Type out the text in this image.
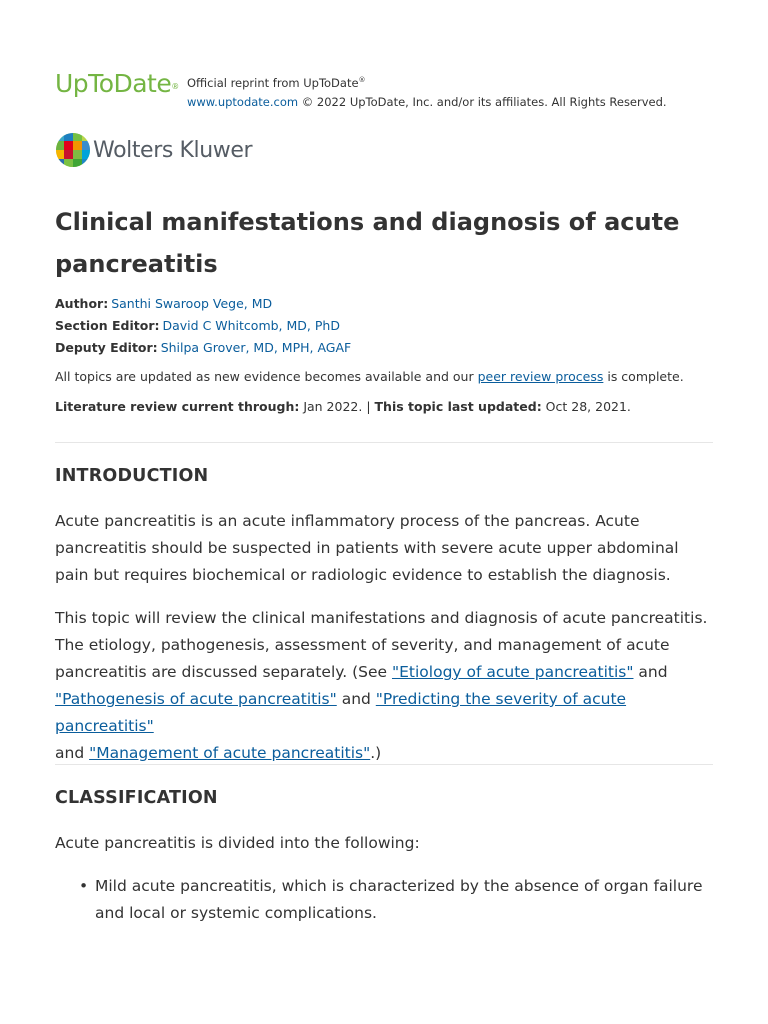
UpToDate® Official reprint from UpToDate®
www.uptodate.com © 2022 UpToDate, Inc. and/or its affiliates. All Rights Reserved.
Wolters Kluwer
Clinical manifestations and diagnosis of acute pancreatitis
Author: Santhi Swaroop Vege, MD
Section Editor: David C Whitcomb, MD, PhD
Deputy Editor: Shilpa Grover, MD, MPH, AGAF
All topics are updated as new evidence becomes available and our peer review process is complete.
Literature review current through: Jan 2022. | This topic last updated: Oct 28, 2021.
INTRODUCTION

Acute pancreatitis is an acute inflammatory process of the pancreas. Acute pancreatitis should be suspected in patients with severe acute upper abdominal pain but requires biochemical or radiologic evidence to establish the diagnosis.

This topic will review the clinical manifestations and diagnosis of acute pancreatitis. The etiology, pathogenesis, assessment of severity, and management of acute pancreatitis are discussed separately. (See "Etiology of acute pancreatitis" and
"Pathogenesis of acute pancreatitis" and "Predicting the severity of acute pancreatitis"
and "Management of acute pancreatitis".)

CLASSIFICATION

Acute pancreatitis is divided into the following:

• Mild acute pancreatitis, which is characterized by the absence of organ failure and local or systemic complications.
